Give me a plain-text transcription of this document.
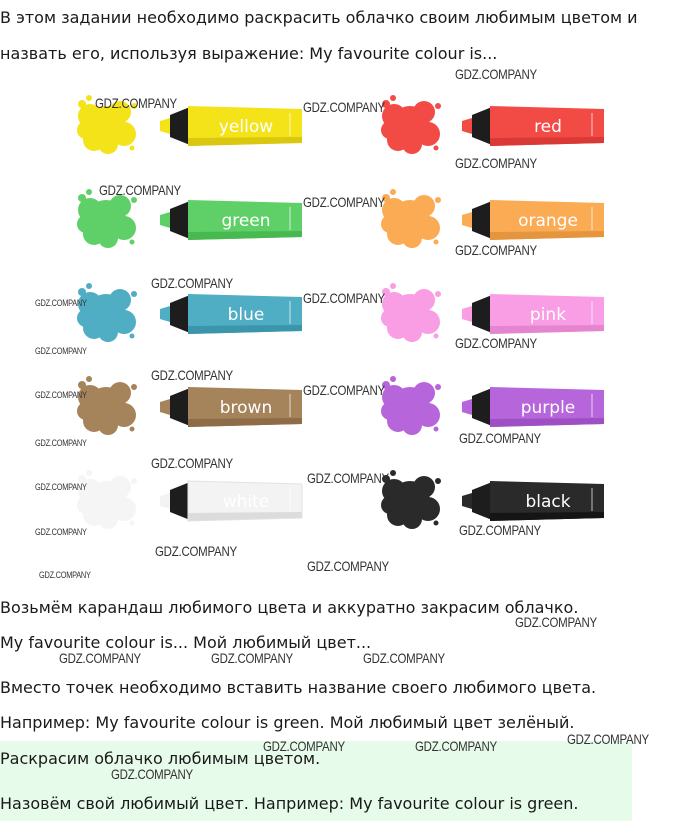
В этом задании необходимо раскрасить облачко своим любимым цветом и назвать его, используя выражение: My favourite colour is...

yellow	red
green	orange
blue	pink
brown	purple
white	black

Возьмём карандаш любимого цвета и аккуратно закрасим облачко.

My favourite colour is... Мой любимый цвет...

Вместо точек необходимо вставить название своего любимого цвета.

Например: My favourite colour is green. Мой любимый цвет зелёный.

Раскрасим облачко любимым цветом.

Назовём свой любимый цвет. Например: My favourite colour is green.

GDZ.COMPANY
GDZ.COMPANY	GDZ.COMPANY
GDZ.COMPANY
GDZ.COMPANY
GDZ.COMPANY
GDZ.COMPANY
GDZ.COMPANY
GDZ.COMPANY
GDZ.COMPANY
GDZ.COMPANY
GDZ.COMPANY
GDZ.COMPANY
GDZ.COMPANY
GDZ.COMPANY
GDZ.COMPANY
GDZ.COMPANY
GDZ.COMPANY
GDZ.COMPANY
GDZ.COMPANY
GDZ.COMPANY	GDZ.COMPANY
GDZ.COMPANY
GDZ.COMPANY
GDZ.COMPANY
GDZ.COMPANY
GDZ.COMPANY	GDZ.COMPANY	GDZ.COMPANY
GDZ.COMPANY
GDZ.COMPANY	GDZ.COMPANY
GDZ.COMPANY
